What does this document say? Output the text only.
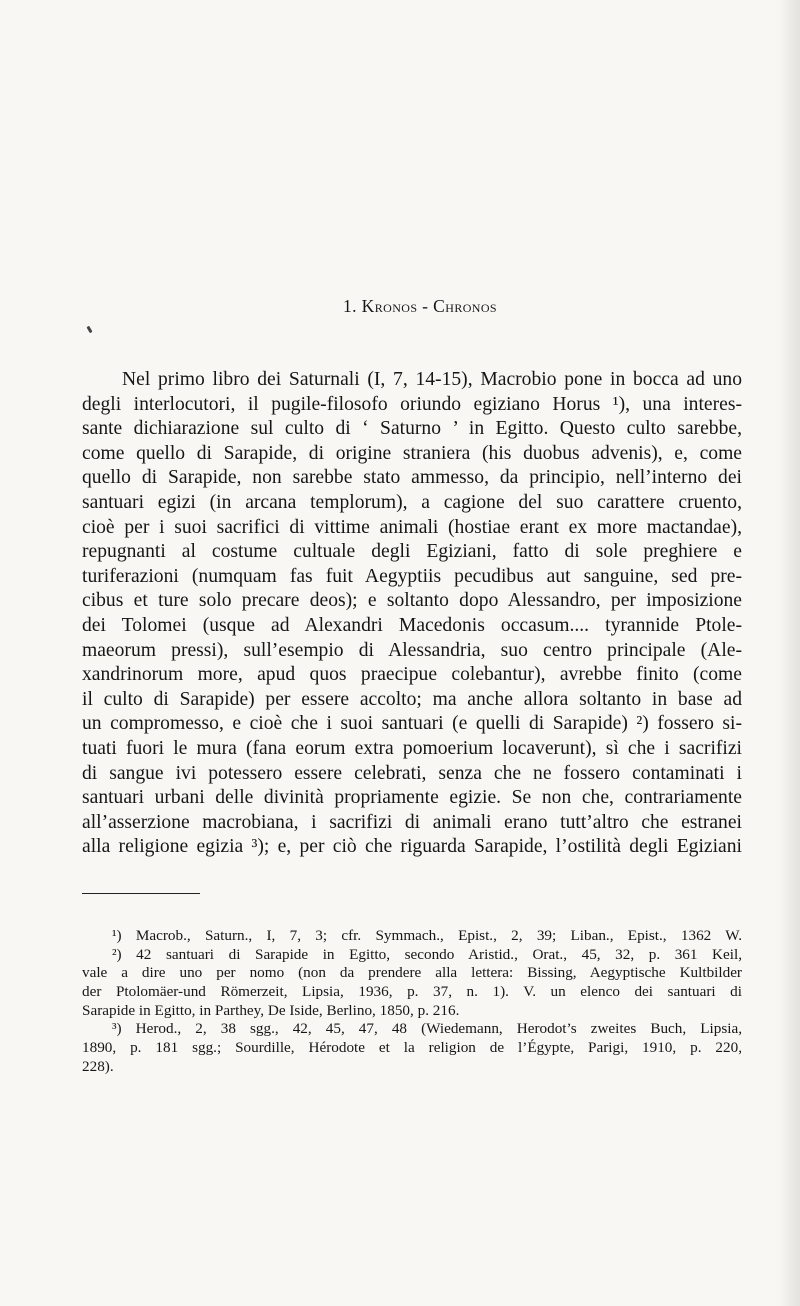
1. Kronos - Chronos
Nel primo libro dei Saturnali (I, 7, 14-15), Macrobio pone in bocca ad uno
degli interlocutori, il pugile-filosofo oriundo egiziano Horus ¹), una interes-
sante dichiarazione sul culto di ‘ Saturno ’ in Egitto. Questo culto sarebbe,
come quello di Sarapide, di origine straniera (his duobus advenis), e, come
quello di Sarapide, non sarebbe stato ammesso, da principio, nell’interno dei
santuari egizi (in arcana templorum), a cagione del suo carattere cruento,
cioè per i suoi sacrifici di vittime animali (hostiae erant ex more mactandae),
repugnanti al costume cultuale degli Egiziani, fatto di sole preghiere e
turiferazioni (numquam fas fuit Aegyptiis pecudibus aut sanguine, sed pre-
cibus et ture solo precare deos); e soltanto dopo Alessandro, per imposizione
dei Tolomei (usque ad Alexandri Macedonis occasum.... tyrannide Ptole-
maeorum pressi), sull’esempio di Alessandria, suo centro principale (Ale-
xandrinorum more, apud quos praecipue colebantur), avrebbe finito (come
il culto di Sarapide) per essere accolto; ma anche allora soltanto in base ad
un compromesso, e cioè che i suoi santuari (e quelli di Sarapide) ²) fossero si-
tuati fuori le mura (fana eorum extra pomoerium locaverunt), sì che i sacrifizi
di sangue ivi potessero essere celebrati, senza che ne fossero contaminati i
santuari urbani delle divinità propriamente egizie. Se non che, contrariamente
all’asserzione macrobiana, i sacrifizi di animali erano tutt’altro che estranei
alla religione egizia ³); e, per ciò che riguarda Sarapide, l’ostilità degli Egiziani
¹) Macrob., Saturn., I, 7, 3; cfr. Symmach., Epist., 2, 39; Liban., Epist., 1362 W.
²) 42 santuari di Sarapide in Egitto, secondo Aristid., Orat., 45, 32, p. 361 Keil,
vale a dire uno per nomo (non da prendere alla lettera: Bissing, Aegyptische Kultbilder
der Ptolomäer-und Römerzeit, Lipsia, 1936, p. 37, n. 1). V. un elenco dei santuari di
Sarapide in Egitto, in Parthey, De Iside, Berlino, 1850, p. 216.
³) Herod., 2, 38 sgg., 42, 45, 47, 48 (Wiedemann, Herodot’s zweites Buch, Lipsia,
1890, p. 181 sgg.; Sourdille, Hérodote et la religion de l’Égypte, Parigi, 1910, p. 220,
228).
